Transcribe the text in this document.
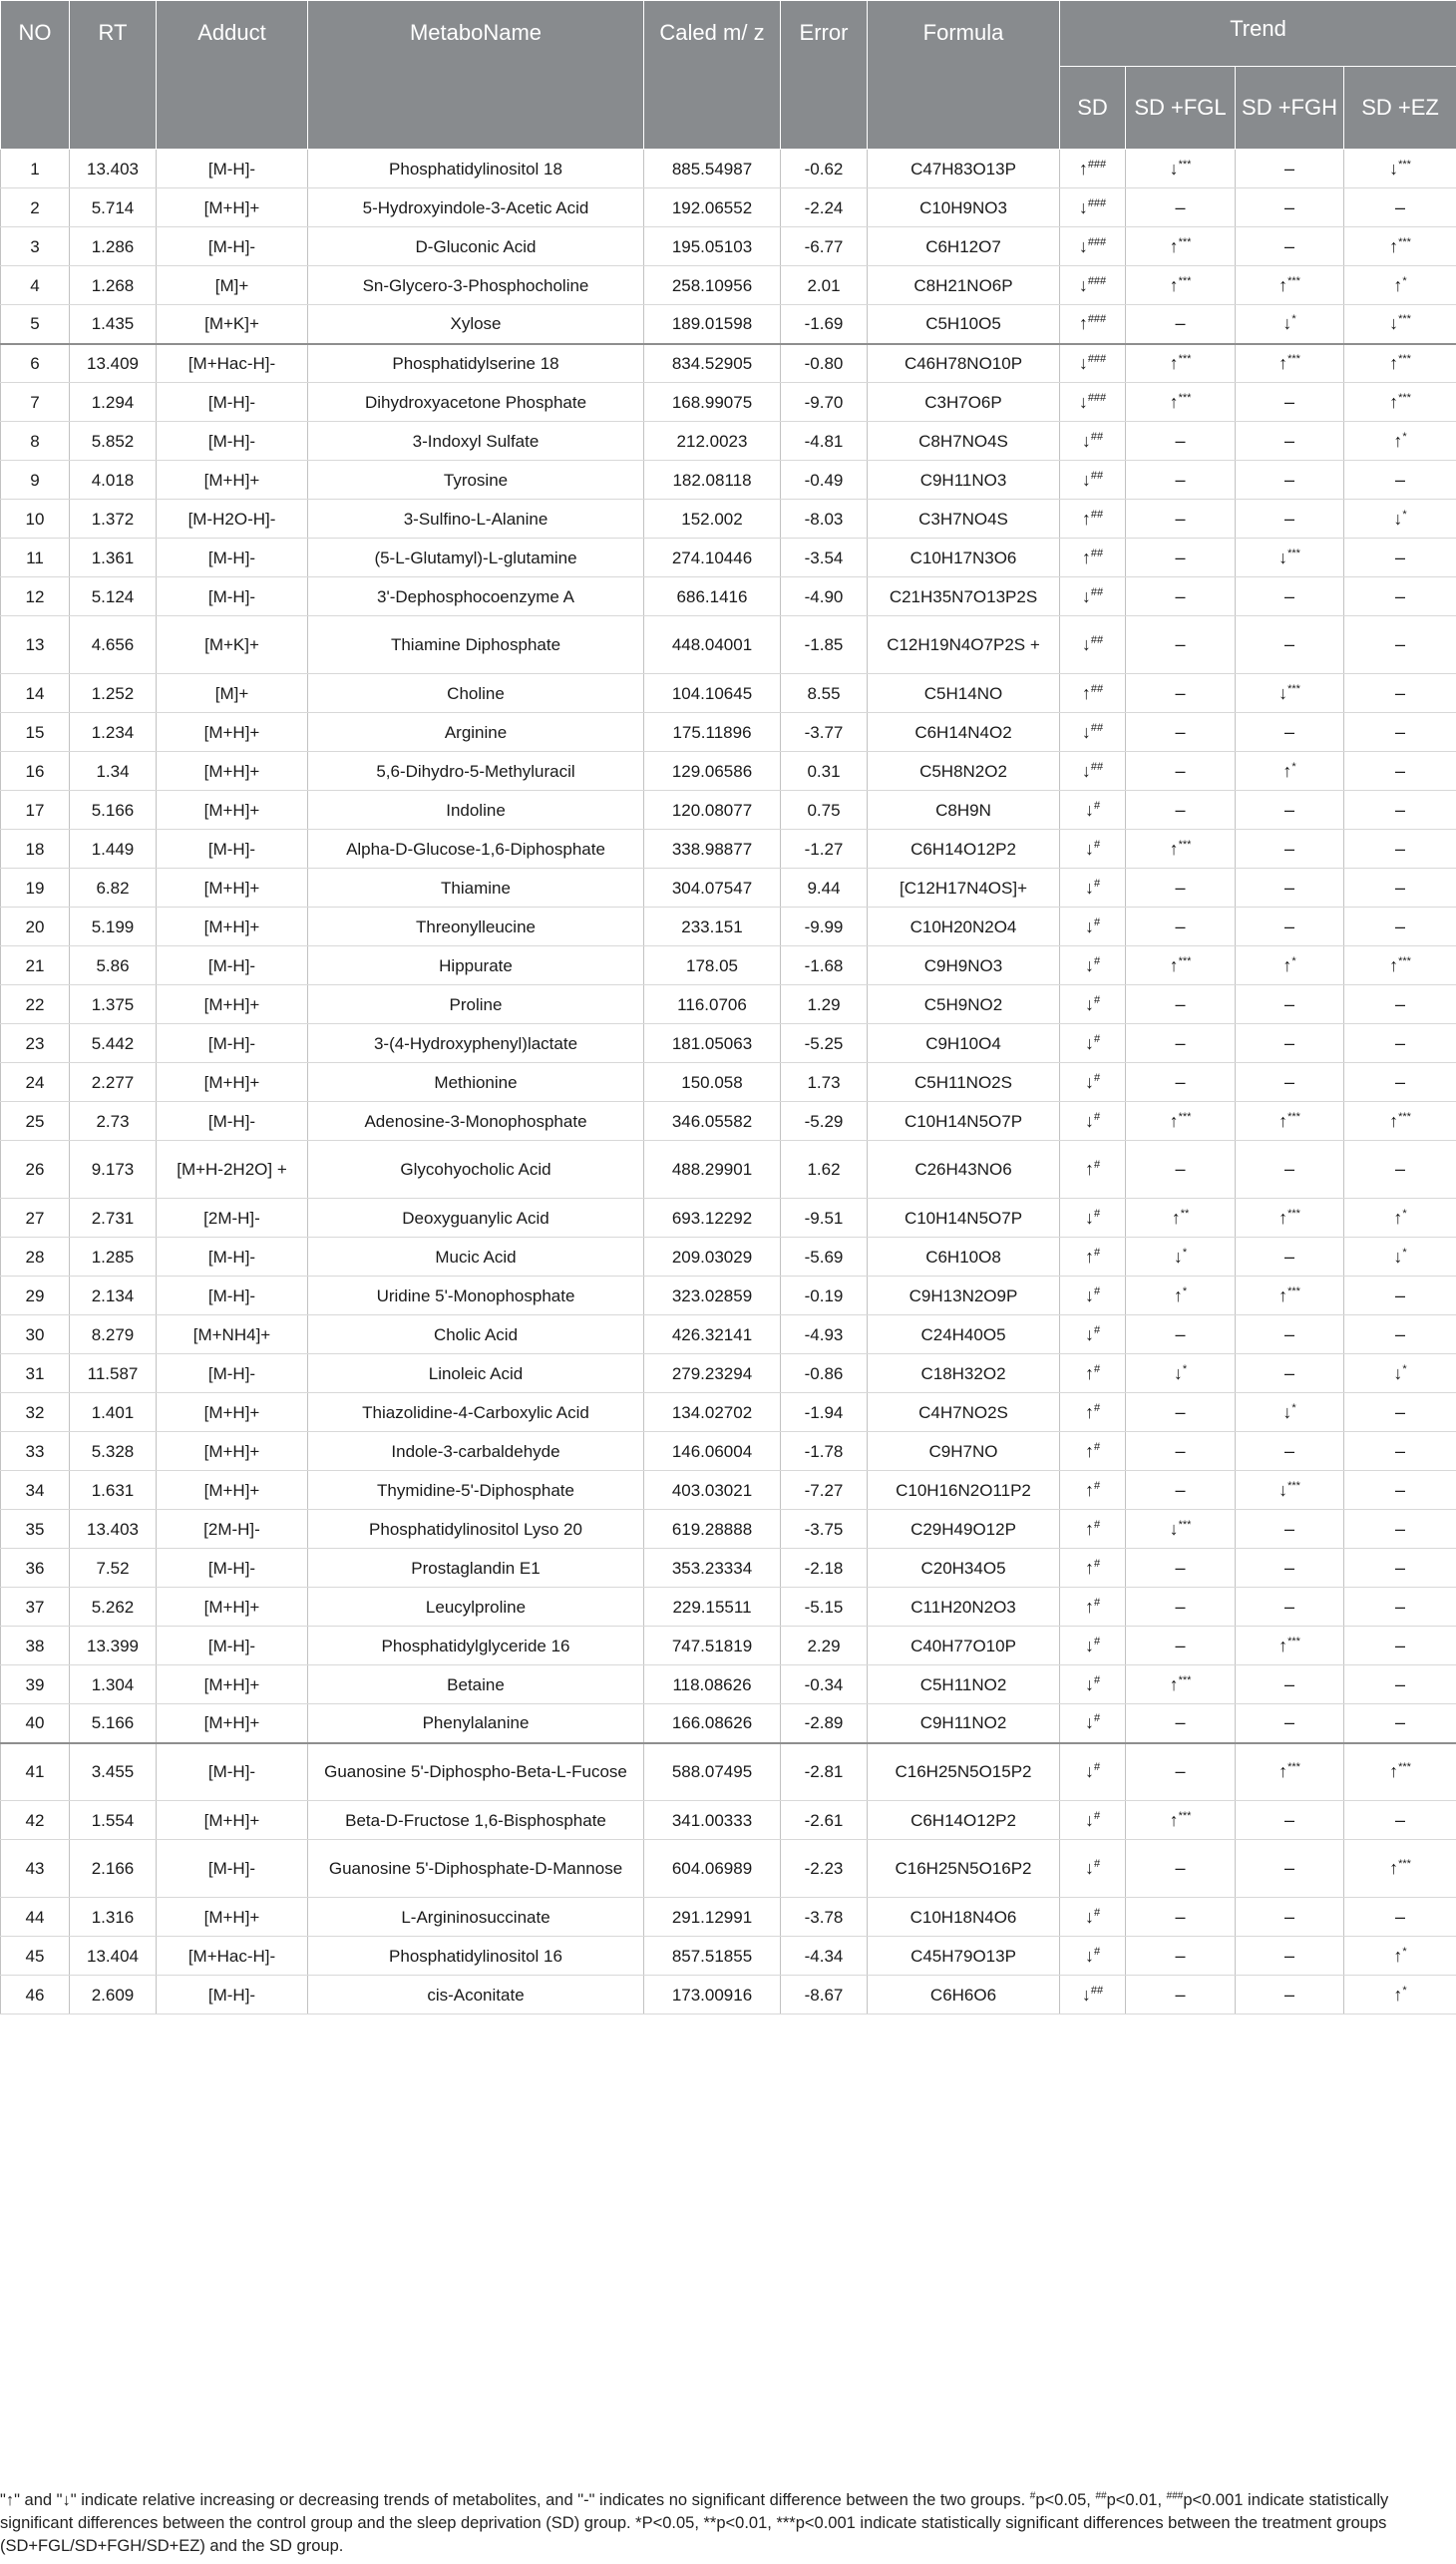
NO	RT	Adduct	MetaboName	Caled m/ z	Error	Formula	Trend			
							SD	SD +FGL	SD +FGH	SD +EZ
1	13.403	[M-H]-	Phosphatidylinositol 18	885.54987	-0.62	C47H83O13P	↑###	↓***	–	↓***
2	5.714	[M+H]+	5-Hydroxyindole-3-Acetic Acid	192.06552	-2.24	C10H9NO3	↓###	–	–	–
3	1.286	[M-H]-	D-Gluconic Acid	195.05103	-6.77	C6H12O7	↓###	↑***	–	↑***
4	1.268	[M]+	Sn-Glycero-3-Phosphocholine	258.10956	2.01	C8H21NO6P	↓###	↑***	↑***	↑*
5	1.435	[M+K]+	Xylose	189.01598	-1.69	C5H10O5	↑###	–	↓*	↓***
6	13.409	[M+Hac-H]-	Phosphatidylserine 18	834.52905	-0.80	C46H78NO10P	↓###	↑***	↑***	↑***
7	1.294	[M-H]-	Dihydroxyacetone Phosphate	168.99075	-9.70	C3H7O6P	↓###	↑***	–	↑***
8	5.852	[M-H]-	3-Indoxyl Sulfate	212.0023	-4.81	C8H7NO4S	↓##	–	–	↑*
9	4.018	[M+H]+	Tyrosine	182.08118	-0.49	C9H11NO3	↓##	–	–	–
10	1.372	[M-H2O-H]-	3-Sulfino-L-Alanine	152.002	-8.03	C3H7NO4S	↑##	–	–	↓*
11	1.361	[M-H]-	(5-L-Glutamyl)-L-glutamine	274.10446	-3.54	C10H17N3O6	↑##	–	↓***	–
12	5.124	[M-H]-	3'-Dephosphocoenzyme A	686.1416	-4.90	C21H35N7O13P2S	↓##	–	–	–
13	4.656	[M+K]+	Thiamine Diphosphate	448.04001	-1.85	C12H19N4O7P2S +	↓##	–	–	–
14	1.252	[M]+	Choline	104.10645	8.55	C5H14NO	↑##	–	↓***	–
15	1.234	[M+H]+	Arginine	175.11896	-3.77	C6H14N4O2	↓##	–	–	–
16	1.34	[M+H]+	5,6-Dihydro-5-Methyluracil	129.06586	0.31	C5H8N2O2	↓##	–	↑*	–
17	5.166	[M+H]+	Indoline	120.08077	0.75	C8H9N	↓#	–	–	–
18	1.449	[M-H]-	Alpha-D-Glucose-1,6-Diphosphate	338.98877	-1.27	C6H14O12P2	↓#	↑***	–	–
19	6.82	[M+H]+	Thiamine	304.07547	9.44	[C12H17N4OS]+	↓#	–	–	–
20	5.199	[M+H]+	Threonylleucine	233.151	-9.99	C10H20N2O4	↓#	–	–	–
21	5.86	[M-H]-	Hippurate	178.05	-1.68	C9H9NO3	↓#	↑***	↑*	↑***
22	1.375	[M+H]+	Proline	116.0706	1.29	C5H9NO2	↓#	–	–	–
23	5.442	[M-H]-	3-(4-Hydroxyphenyl)lactate	181.05063	-5.25	C9H10O4	↓#	–	–	–
24	2.277	[M+H]+	Methionine	150.058	1.73	C5H11NO2S	↓#	–	–	–
25	2.73	[M-H]-	Adenosine-3-Monophosphate	346.05582	-5.29	C10H14N5O7P	↓#	↑***	↑***	↑***
26	9.173	[M+H-2H2O] +	Glycohyocholic Acid	488.29901	1.62	C26H43NO6	↑#	–	–	–
27	2.731	[2M-H]-	Deoxyguanylic Acid	693.12292	-9.51	C10H14N5O7P	↓#	↑**	↑***	↑*
28	1.285	[M-H]-	Mucic Acid	209.03029	-5.69	C6H10O8	↑#	↓*	–	↓*
29	2.134	[M-H]-	Uridine 5'-Monophosphate	323.02859	-0.19	C9H13N2O9P	↓#	↑*	↑***	–
30	8.279	[M+NH4]+	Cholic Acid	426.32141	-4.93	C24H40O5	↓#	–	–	–
31	11.587	[M-H]-	Linoleic Acid	279.23294	-0.86	C18H32O2	↑#	↓*	–	↓*
32	1.401	[M+H]+	Thiazolidine-4-Carboxylic Acid	134.02702	-1.94	C4H7NO2S	↑#	–	↓*	–
33	5.328	[M+H]+	Indole-3-carbaldehyde	146.06004	-1.78	C9H7NO	↑#	–	–	–
34	1.631	[M+H]+	Thymidine-5'-Diphosphate	403.03021	-7.27	C10H16N2O11P2	↑#	–	↓***	–
35	13.403	[2M-H]-	Phosphatidylinositol Lyso 20	619.28888	-3.75	C29H49O12P	↑#	↓***	–	–
36	7.52	[M-H]-	Prostaglandin E1	353.23334	-2.18	C20H34O5	↑#	–	–	–
37	5.262	[M+H]+	Leucylproline	229.15511	-5.15	C11H20N2O3	↑#	–	–	–
38	13.399	[M-H]-	Phosphatidylglyceride 16	747.51819	2.29	C40H77O10P	↓#	–	↑***	–
39	1.304	[M+H]+	Betaine	118.08626	-0.34	C5H11NO2	↓#	↑***	–	–
40	5.166	[M+H]+	Phenylalanine	166.08626	-2.89	C9H11NO2	↓#	–	–	–
41	3.455	[M-H]-	Guanosine 5'-Diphospho-Beta-L-Fucose	588.07495	-2.81	C16H25N5O15P2	↓#	–	↑***	↑***
42	1.554	[M+H]+	Beta-D-Fructose 1,6-Bisphosphate	341.00333	-2.61	C6H14O12P2	↓#	↑***	–	–
43	2.166	[M-H]-	Guanosine 5'-Diphosphate-D-Mannose	604.06989	-2.23	C16H25N5O16P2	↓#	–	–	↑***
44	1.316	[M+H]+	L-Argininosuccinate	291.12991	-3.78	C10H18N4O6	↓#	–	–	–
45	13.404	[M+Hac-H]-	Phosphatidylinositol 16	857.51855	-4.34	C45H79O13P	↓#	–	–	↑*
46	2.609	[M-H]-	cis-Aconitate	173.00916	-8.67	C6H6O6	↓##	–	–	↑*

"↑" and "↓" indicate relative increasing or decreasing trends of metabolites, and "-" indicates no significant difference between the two groups. #p<0.05, ##p<0.01, ###p<0.001 indicate statistically significant differences between the control group and the sleep deprivation (SD) group. *P<0.05, **p<0.01, ***p<0.001 indicate statistically significant differences between the treatment groups (SD+FGL/SD+FGH/SD+EZ) and the SD group.
